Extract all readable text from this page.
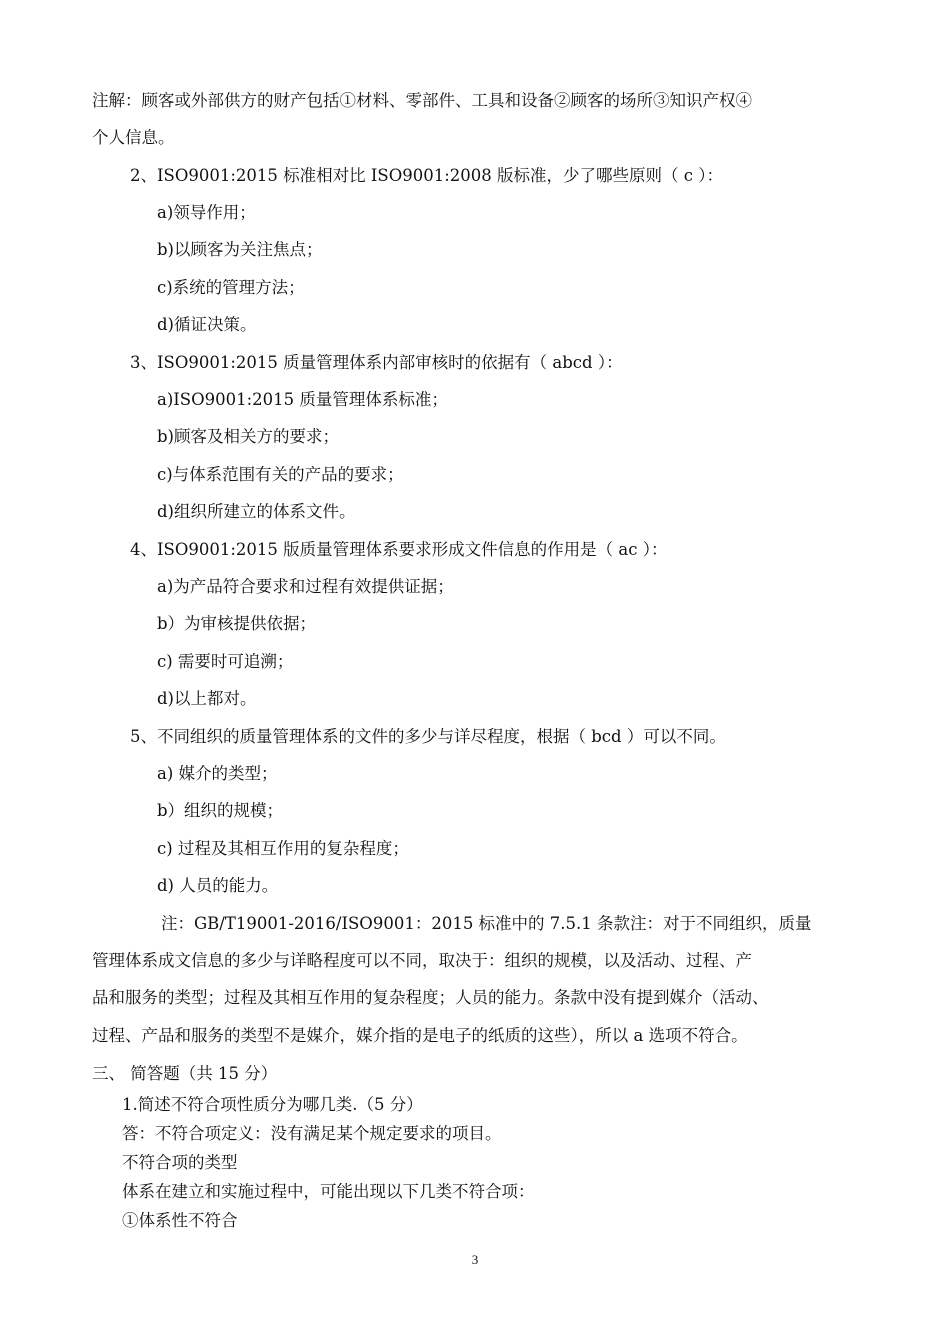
注解：顾客或外部供方的财产包括①材料、零部件、工具和设备②顾客的场所③知识产权④
个人信息。
2、ISO9001:2015 标准相对比 ISO9001:2008 版标准，少了哪些原则（ c ）：
a)领导作用；
b)以顾客为关注焦点；
c)系统的管理方法；
d)循证决策。
3、ISO9001:2015 质量管理体系内部审核时的依据有（ abcd ）：
a)ISO9001:2015 质量管理体系标准；
b)顾客及相关方的要求；
c)与体系范围有关的产品的要求；
d)组织所建立的体系文件。
4、ISO9001:2015 版质量管理体系要求形成文件信息的作用是（ ac ）：
a)为产品符合要求和过程有效提供证据；
b）为审核提供依据；
c) 需要时可追溯；
d)以上都对。
5、不同组织的质量管理体系的文件的多少与详尽程度，根据（ bcd ）可以不同。
a) 媒介的类型；
b）组织的规模；
c) 过程及其相互作用的复杂程度；
d) 人员的能力。
注：GB/T19001-2016/ISO9001：2015 标准中的 7.5.1 条款注：对于不同组织，质量
管理体系成文信息的多少与详略程度可以不同，取决于：组织的规模，以及活动、过程、产
品和服务的类型；过程及其相互作用的复杂程度；人员的能力。条款中没有提到媒介（活动、
过程、产品和服务的类型不是媒介，媒介指的是电子的纸质的这些），所以 a 选项不符合。
三、 简答题（共 15 分）
1.简述不符合项性质分为哪几类.（5 分）
答：不符合项定义：没有满足某个规定要求的项目。
不符合项的类型
体系在建立和实施过程中，可能出现以下几类不符合项：
①体系性不符合
3
